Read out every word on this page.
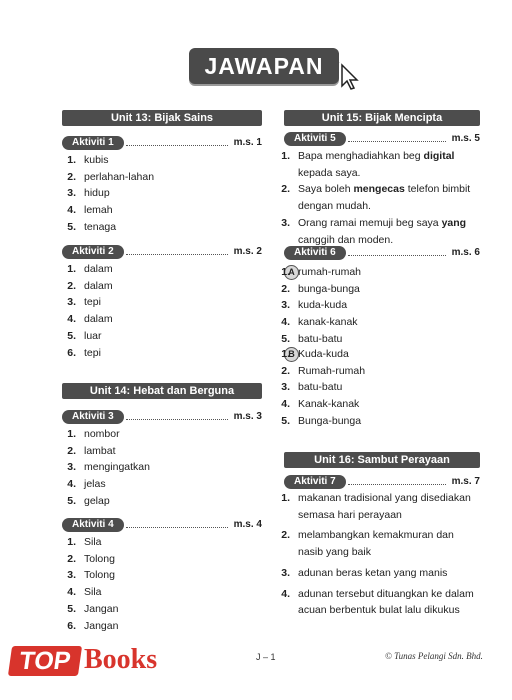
JAWAPAN
Unit 13: Bijak Sains
Aktiviti 1	m.s. 1
1. kubis
2. perlahan-lahan
3. hidup
4. lemah
5. tenaga
Aktiviti 2	m.s. 2
1. dalam
2. dalam
3. tepi
4. dalam
5. luar
6. tepi
Unit 14: Hebat dan Berguna
Aktiviti 3	m.s. 3
1. nombor
2. lambat
3. mengingatkan
4. jelas
5. gelap
Aktiviti 4	m.s. 4
1. Sila
2. Tolong
3. Tolong
4. Sila
5. Jangan
6. Jangan
Unit 15: Bijak Mencipta
Aktiviti 5	m.s. 5
1. Bapa menghadiahkan beg digital kepada saya.
2. Saya boleh mengecas telefon bimbit dengan mudah.
3. Orang ramai memuji beg saya yang canggih dan moden.
Aktiviti 6	m.s. 6
A
1. rumah-rumah
2. bunga-bunga
3. kuda-kuda
4. kanak-kanak
5. batu-batu
B
1. Kuda-kuda
2. Rumah-rumah
3. batu-batu
4. Kanak-kanak
5. Bunga-bunga
Unit 16: Sambut Perayaan
Aktiviti 7	m.s. 7
1. makanan tradisional yang disediakan semasa hari perayaan
2. melambangkan kemakmuran dan nasib yang baik
3. adunan beras ketan yang manis
4. adunan tersebut dituangkan ke dalam acuan berbentuk bulat lalu dikukus
J – 1	© Tunas Pelangi Sdn. Bhd.
TOP Books
